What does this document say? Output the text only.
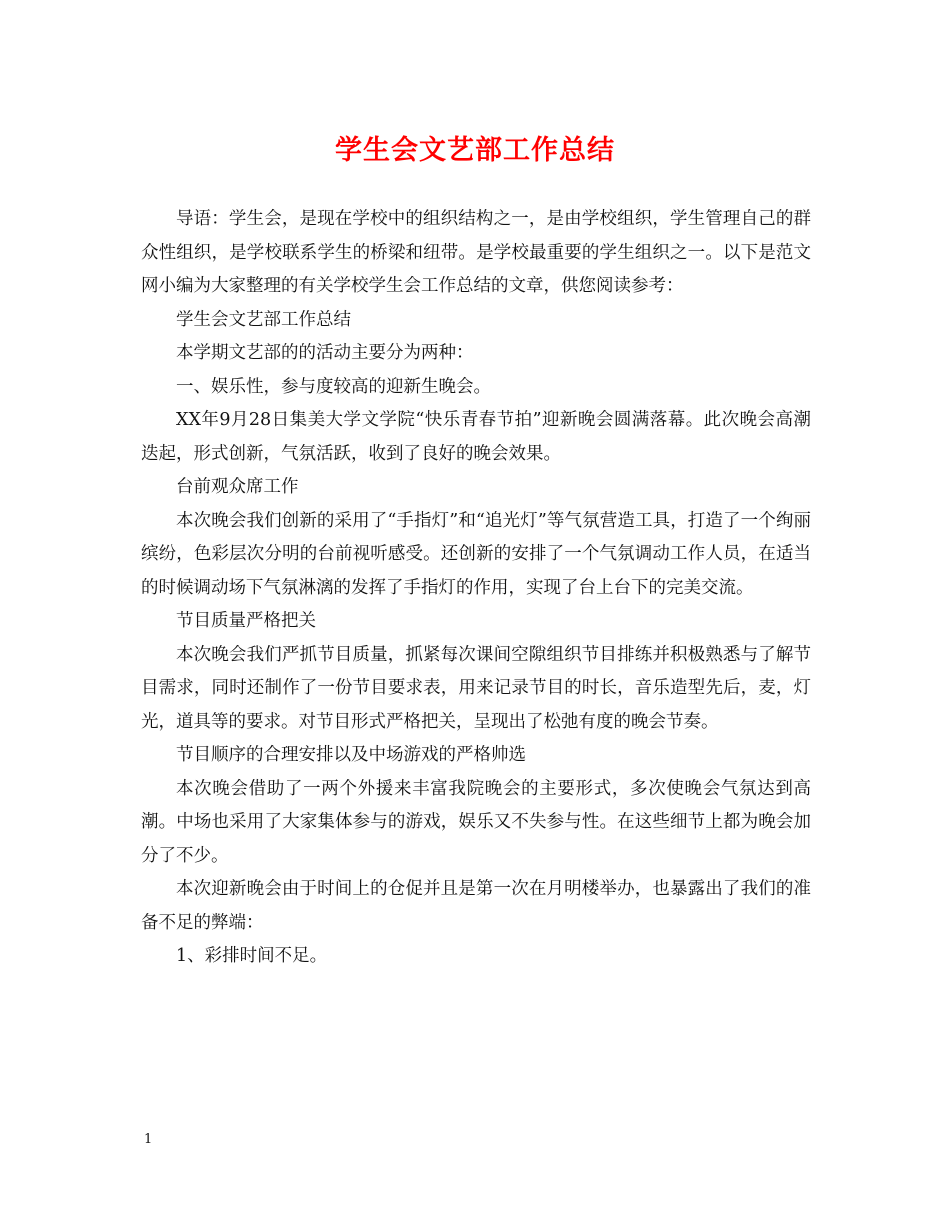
学生会文艺部工作总结

导语：学生会，是现在学校中的组织结构之一，是由学校组织，学生管理自己的群众性组织，是学校联系学生的桥梁和纽带。是学校最重要的学生组织之一。以下是范文网小编为大家整理的有关学校学生会工作总结的文章，供您阅读参考：

学生会文艺部工作总结

本学期文艺部的的活动主要分为两种：

一、娱乐性，参与度较高的迎新生晚会。

XX年9月28日集美大学文学院“快乐青春节拍”迎新晚会圆满落幕。此次晚会高潮迭起，形式创新，气氛活跃，收到了良好的晚会效果。

台前观众席工作

本次晚会我们创新的采用了“手指灯”和“追光灯”等气氛营造工具，打造了一个绚丽缤纷，色彩层次分明的台前视听感受。还创新的安排了一个气氛调动工作人员，在适当的时候调动场下气氛淋漓的发挥了手指灯的作用，实现了台上台下的完美交流。

节目质量严格把关

本次晚会我们严抓节目质量，抓紧每次课间空隙组织节目排练并积极熟悉与了解节目需求，同时还制作了一份节目要求表，用来记录节目的时长，音乐造型先后，麦，灯光，道具等的要求。对节目形式严格把关，呈现出了松弛有度的晚会节奏。

节目顺序的合理安排以及中场游戏的严格帅选

本次晚会借助了一两个外援来丰富我院晚会的主要形式，多次使晚会气氛达到高潮。中场也采用了大家集体参与的游戏，娱乐又不失参与性。在这些细节上都为晚会加分了不少。

本次迎新晚会由于时间上的仓促并且是第一次在月明楼举办，也暴露出了我们的准备不足的弊端：

1、彩排时间不足。

1
